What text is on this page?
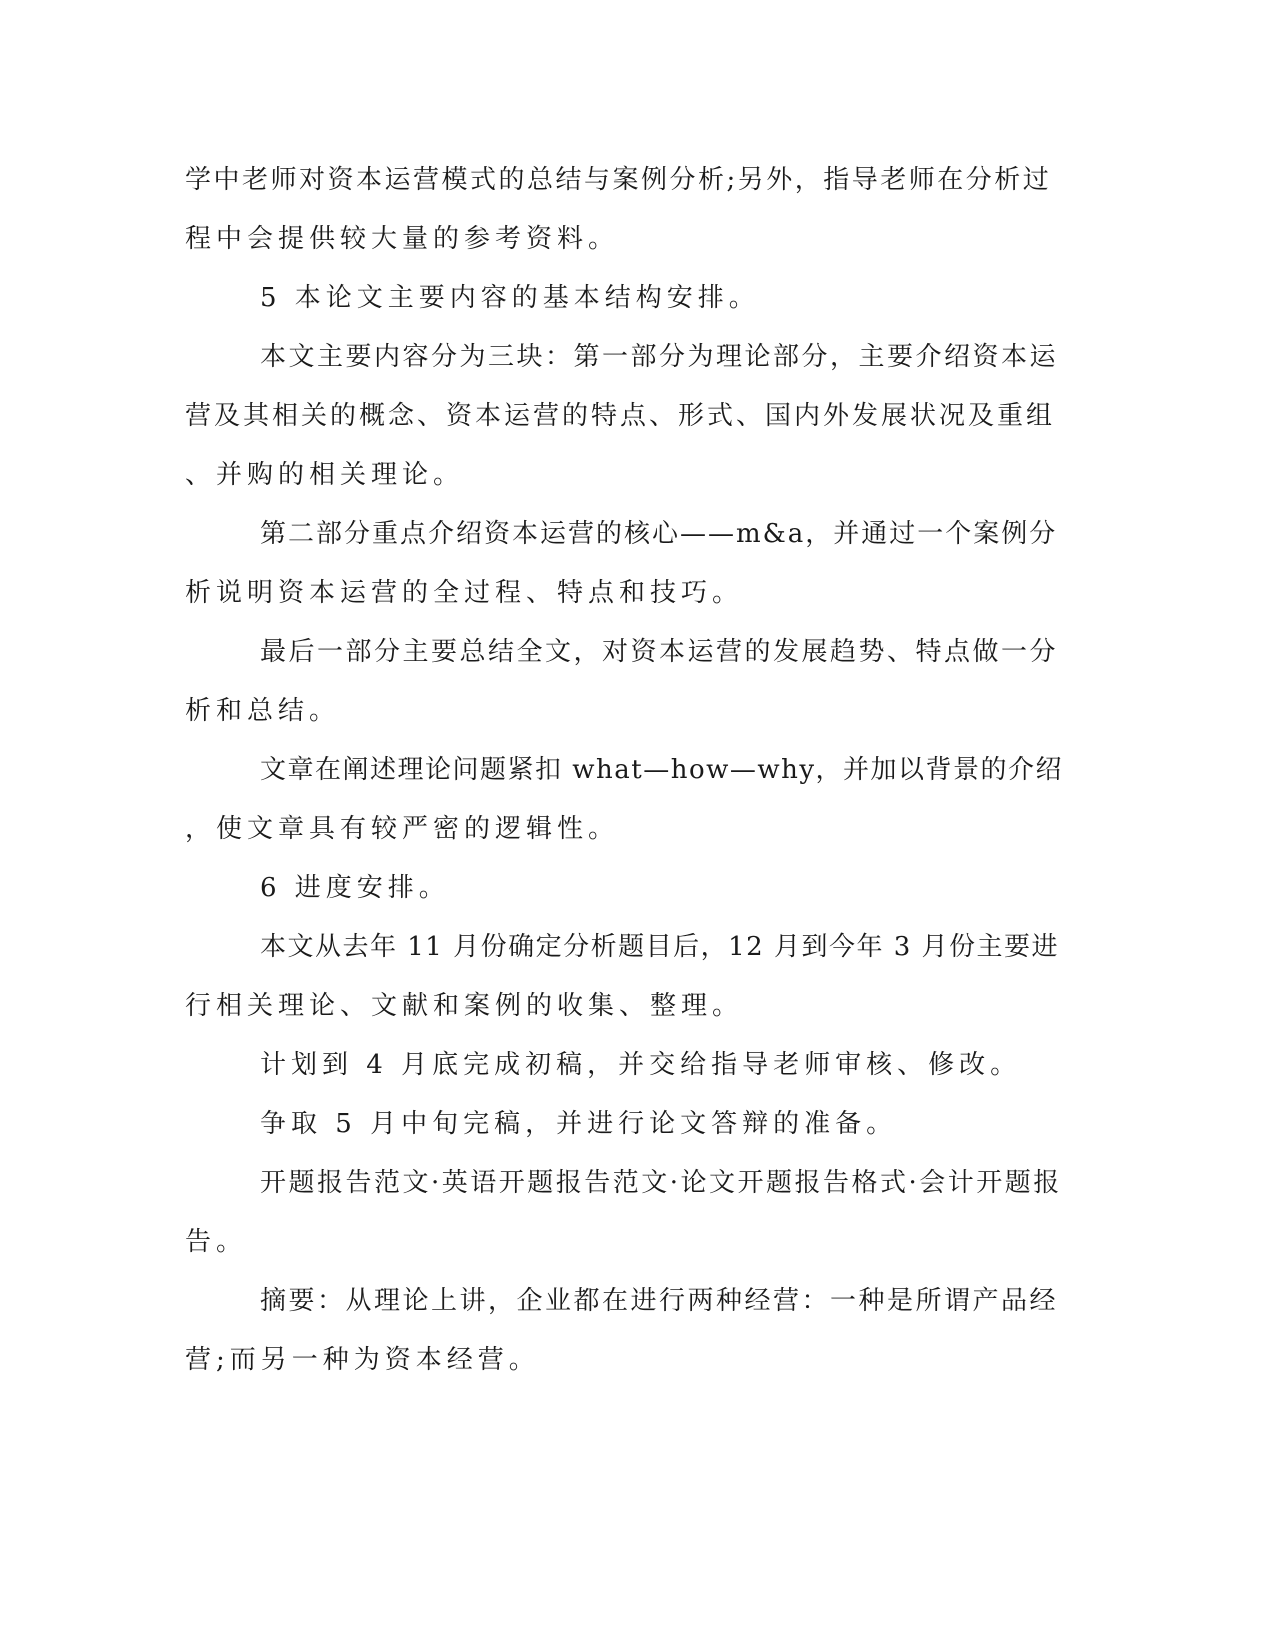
学中老师对资本运营模式的总结与案例分析;另外，指导老师在分析过
程中会提供较大量的参考资料。
5 本论文主要内容的基本结构安排。
本文主要内容分为三块：第一部分为理论部分，主要介绍资本运
营及其相关的概念、资本运营的特点、形式、国内外发展状况及重组
、并购的相关理论。
第二部分重点介绍资本运营的核心——m&a，并通过一个案例分
析说明资本运营的全过程、特点和技巧。
最后一部分主要总结全文，对资本运营的发展趋势、特点做一分
析和总结。
文章在阐述理论问题紧扣 what—how—why，并加以背景的介绍
，使文章具有较严密的逻辑性。
6 进度安排。
本文从去年 11 月份确定分析题目后，12 月到今年 3 月份主要进
行相关理论、文献和案例的收集、整理。
计划到 4 月底完成初稿，并交给指导老师审核、修改。
争取 5 月中旬完稿，并进行论文答辩的准备。
开题报告范文·英语开题报告范文·论文开题报告格式·会计开题报
告。
摘要：从理论上讲，企业都在进行两种经营：一种是所谓产品经
营;而另一种为资本经营。
